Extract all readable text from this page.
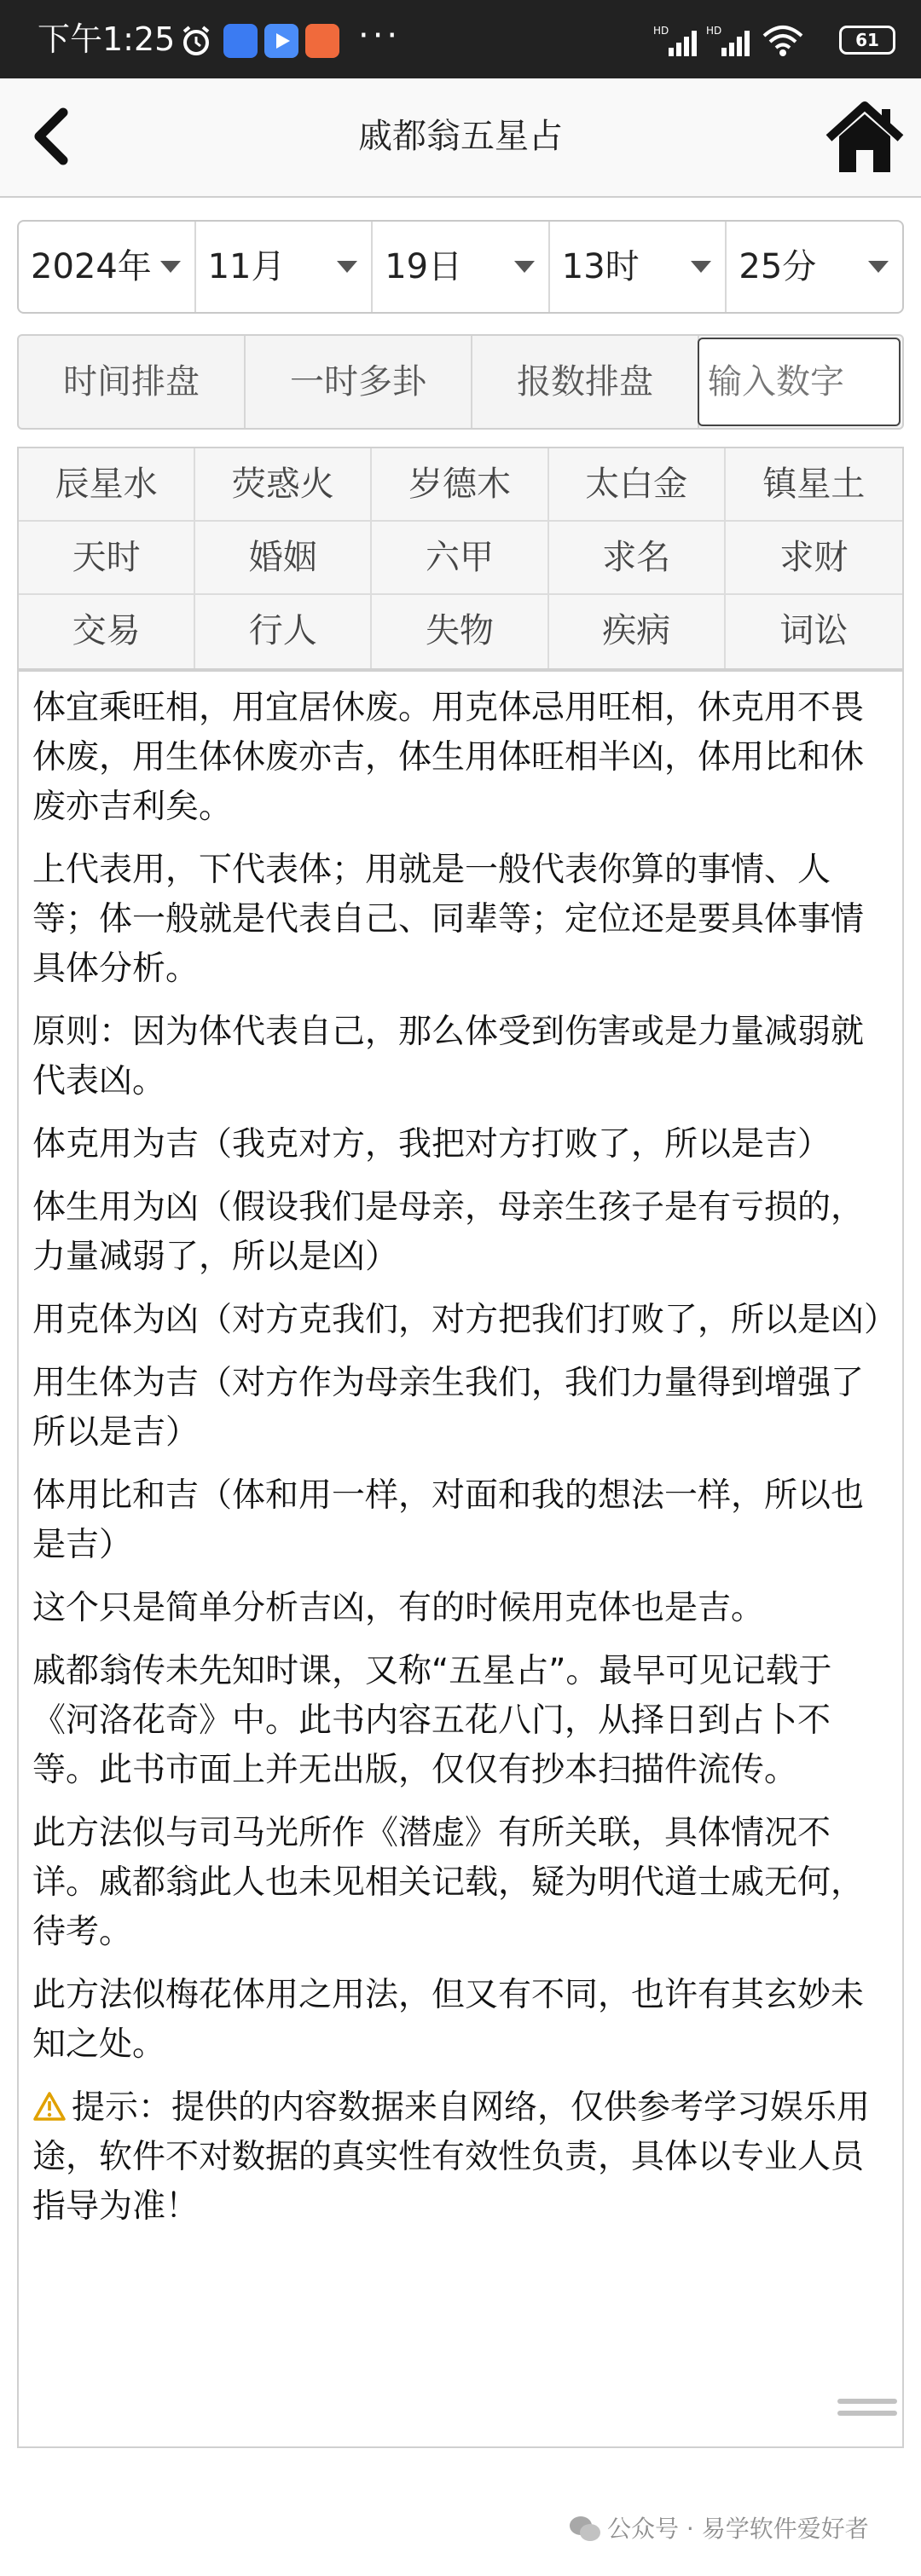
下午1:25	···	HD	HD	61
戚都翁五星占
2024年	11月	19日	13时	25分
时间排盘	一时多卦	报数排盘
输入数字
辰星水	荧惑火	岁德木	太白金	镇星土
天时	婚姻	六甲	求名	求财
交易	行人	失物	疾病	词讼

体宜乘旺相，用宜居休废。用克体忌用旺相，休克用不畏休废，用生体休废亦吉，体生用体旺相半凶，体用比和休废亦吉利矣。

上代表用，下代表体；用就是一般代表你算的事情、人等；体一般就是代表自己、同辈等；定位还是要具体事情具体分析。

原则：因为体代表自己，那么体受到伤害或是力量减弱就代表凶。

体克用为吉（我克对方，我把对方打败了，所以是吉）

体生用为凶（假设我们是母亲，母亲生孩子是有亏损的，力量减弱了，所以是凶）

用克体为凶（对方克我们，对方把我们打败了，所以是凶）

用生体为吉（对方作为母亲生我们，我们力量得到增强了所以是吉）

体用比和吉（体和用一样，对面和我的想法一样，所以也是吉）

这个只是简单分析吉凶，有的时候用克体也是吉。

戚都翁传未先知时课，又称“五星占”。最早可见记载于《河洛花奇》中。此书内容五花八门，从择日到占卜不等。此书市面上并无出版，仅仅有抄本扫描件流传。

此方法似与司马光所作《潜虚》有所关联，具体情况不详。戚都翁此人也未见相关记载，疑为明代道士戚无何，待考。

此方法似梅花体用之用法，但又有不同，也许有其玄妙未知之处。

提示：提供的内容数据来自网络，仅供参考学习娱乐用途，软件不对数据的真实性有效性负责，具体以专业人员指导为准！

公众号 · 易学软件爱好者
